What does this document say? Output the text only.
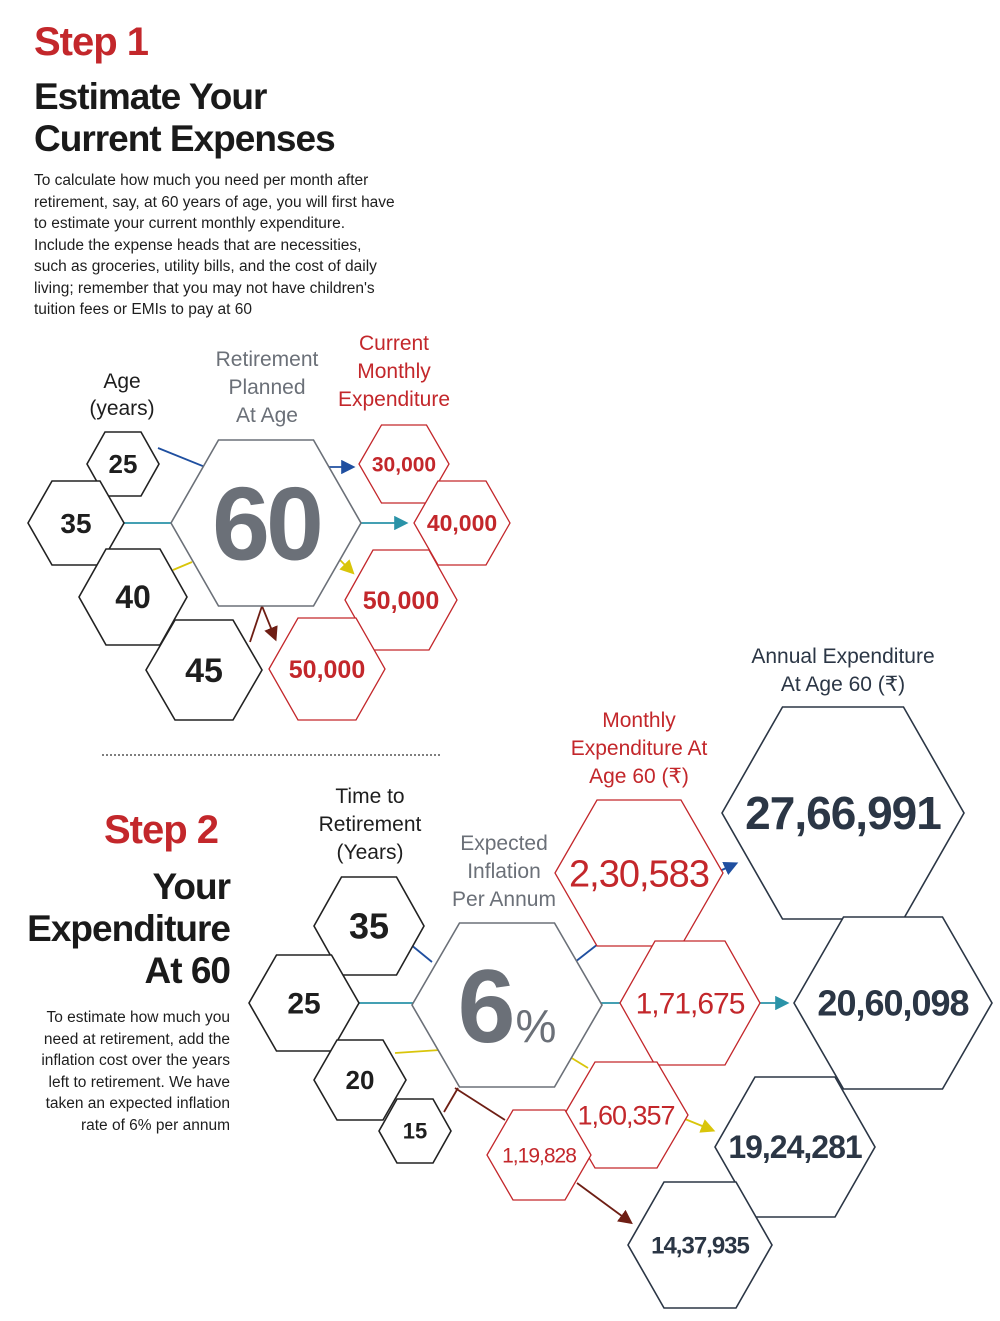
Step 1
Estimate Your
Current Expenses
To calculate how much you need per month after retirement, say, at 60 years of age, you will first have to estimate your current monthly expenditure. Include the expense heads that are necessities, such as groceries, utility bills, and the cost of daily living; remember that you may not have children's tuition fees or EMIs to pay at 60
Step 2
Your
Expenditure
At 60
To estimate how much you need at retirement, add the inflation cost over the years left to retirement. We have taken an expected inflation rate of 6% per annum
25
35
40
45
60
30,000
40,000
50,000
50,000
35
25
20
15
6%
2,30,583
1,71,675
1,60,357
1,19,828
27,66,991
20,60,098
19,24,281
14,37,935
Age
(years)
Retirement
Planned
At Age
Current
Monthly
Expenditure
Time to
Retirement
(Years)	Expected
Inflation
Per Annum
Monthly
Expenditure At
Age 60 (₹)
Annual Expenditure
At Age 60 (₹)
